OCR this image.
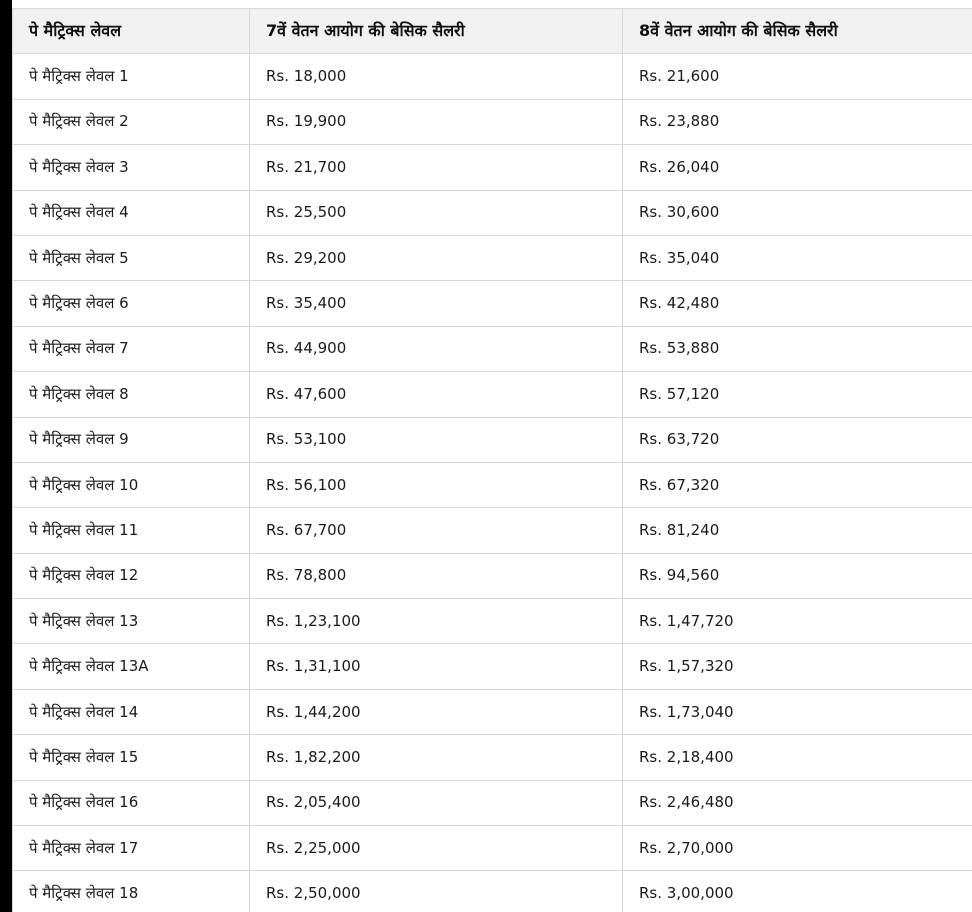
पे मैट्रिक्स लेवल	7वें वेतन आयोग की बेसिक सैलरी	8वें वेतन आयोग की बेसिक सैलरी
पे मैट्रिक्स लेवल 1	Rs. 18,000	Rs. 21,600
पे मैट्रिक्स लेवल 2	Rs. 19,900	Rs. 23,880
पे मैट्रिक्स लेवल 3	Rs. 21,700	Rs. 26,040
पे मैट्रिक्स लेवल 4	Rs. 25,500	Rs. 30,600
पे मैट्रिक्स लेवल 5	Rs. 29,200	Rs. 35,040
पे मैट्रिक्स लेवल 6	Rs. 35,400	Rs. 42,480
पे मैट्रिक्स लेवल 7	Rs. 44,900	Rs. 53,880
पे मैट्रिक्स लेवल 8	Rs. 47,600	Rs. 57,120
पे मैट्रिक्स लेवल 9	Rs. 53,100	Rs. 63,720
पे मैट्रिक्स लेवल 10	Rs. 56,100	Rs. 67,320
पे मैट्रिक्स लेवल 11	Rs. 67,700	Rs. 81,240
पे मैट्रिक्स लेवल 12	Rs. 78,800	Rs. 94,560
पे मैट्रिक्स लेवल 13	Rs. 1,23,100	Rs. 1,47,720
पे मैट्रिक्स लेवल 13A	Rs. 1,31,100	Rs. 1,57,320
पे मैट्रिक्स लेवल 14	Rs. 1,44,200	Rs. 1,73,040
पे मैट्रिक्स लेवल 15	Rs. 1,82,200	Rs. 2,18,400
पे मैट्रिक्स लेवल 16	Rs. 2,05,400	Rs. 2,46,480
पे मैट्रिक्स लेवल 17	Rs. 2,25,000	Rs. 2,70,000
पे मैट्रिक्स लेवल 18	Rs. 2,50,000	Rs. 3,00,000
